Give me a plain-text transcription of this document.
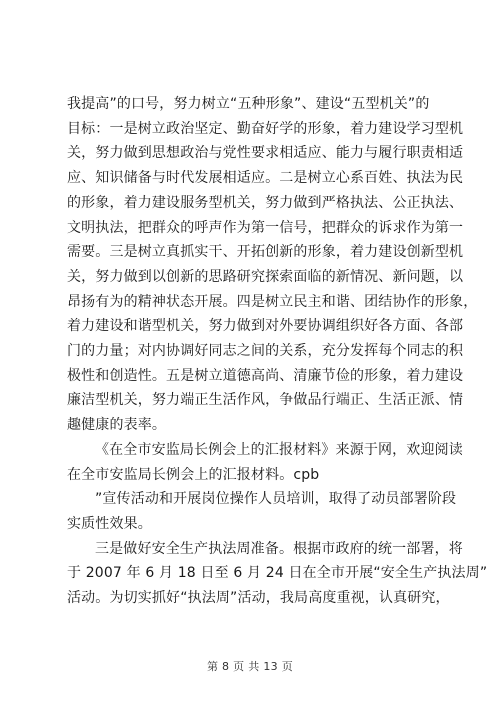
我提高”的口号，努力树立“五种形象”、建设“五型机关”的
目标：一是树立政治坚定、勤奋好学的形象，着力建设学习型机
关，努力做到思想政治与党性要求相适应、能力与履行职责相适
应、知识储备与时代发展相适应。二是树立心系百姓、执法为民
的形象，着力建设服务型机关，努力做到严格执法、公正执法、
文明执法，把群众的呼声作为第一信号，把群众的诉求作为第一
需要。三是树立真抓实干、开拓创新的形象，着力建设创新型机
关，努力做到以创新的思路研究探索面临的新情况、新问题，以
昂扬有为的精神状态开展。四是树立民主和谐、团结协作的形象，
着力建设和谐型机关，努力做到对外要协调组织好各方面、各部
门的力量；对内协调好同志之间的关系，充分发挥每个同志的积
极性和创造性。五是树立道德高尚、清廉节俭的形象，着力建设
廉洁型机关，努力端正生活作风，争做品行端正、生活正派、情
趣健康的表率。
《在全市安监局长例会上的汇报材料》来源于网，欢迎阅读
在全市安监局长例会上的汇报材料。cpb
”宣传活动和开展岗位操作人员培训，取得了动员部署阶段
实质性效果。
三是做好安全生产执法周准备。根据市政府的统一部署，将
于 2007 年 6 月 18 日至 6 月 24 日在全市开展“安全生产执法周”
活动。为切实抓好“执法周”活动，我局高度重视，认真研究，
第 8 页 共 13 页
